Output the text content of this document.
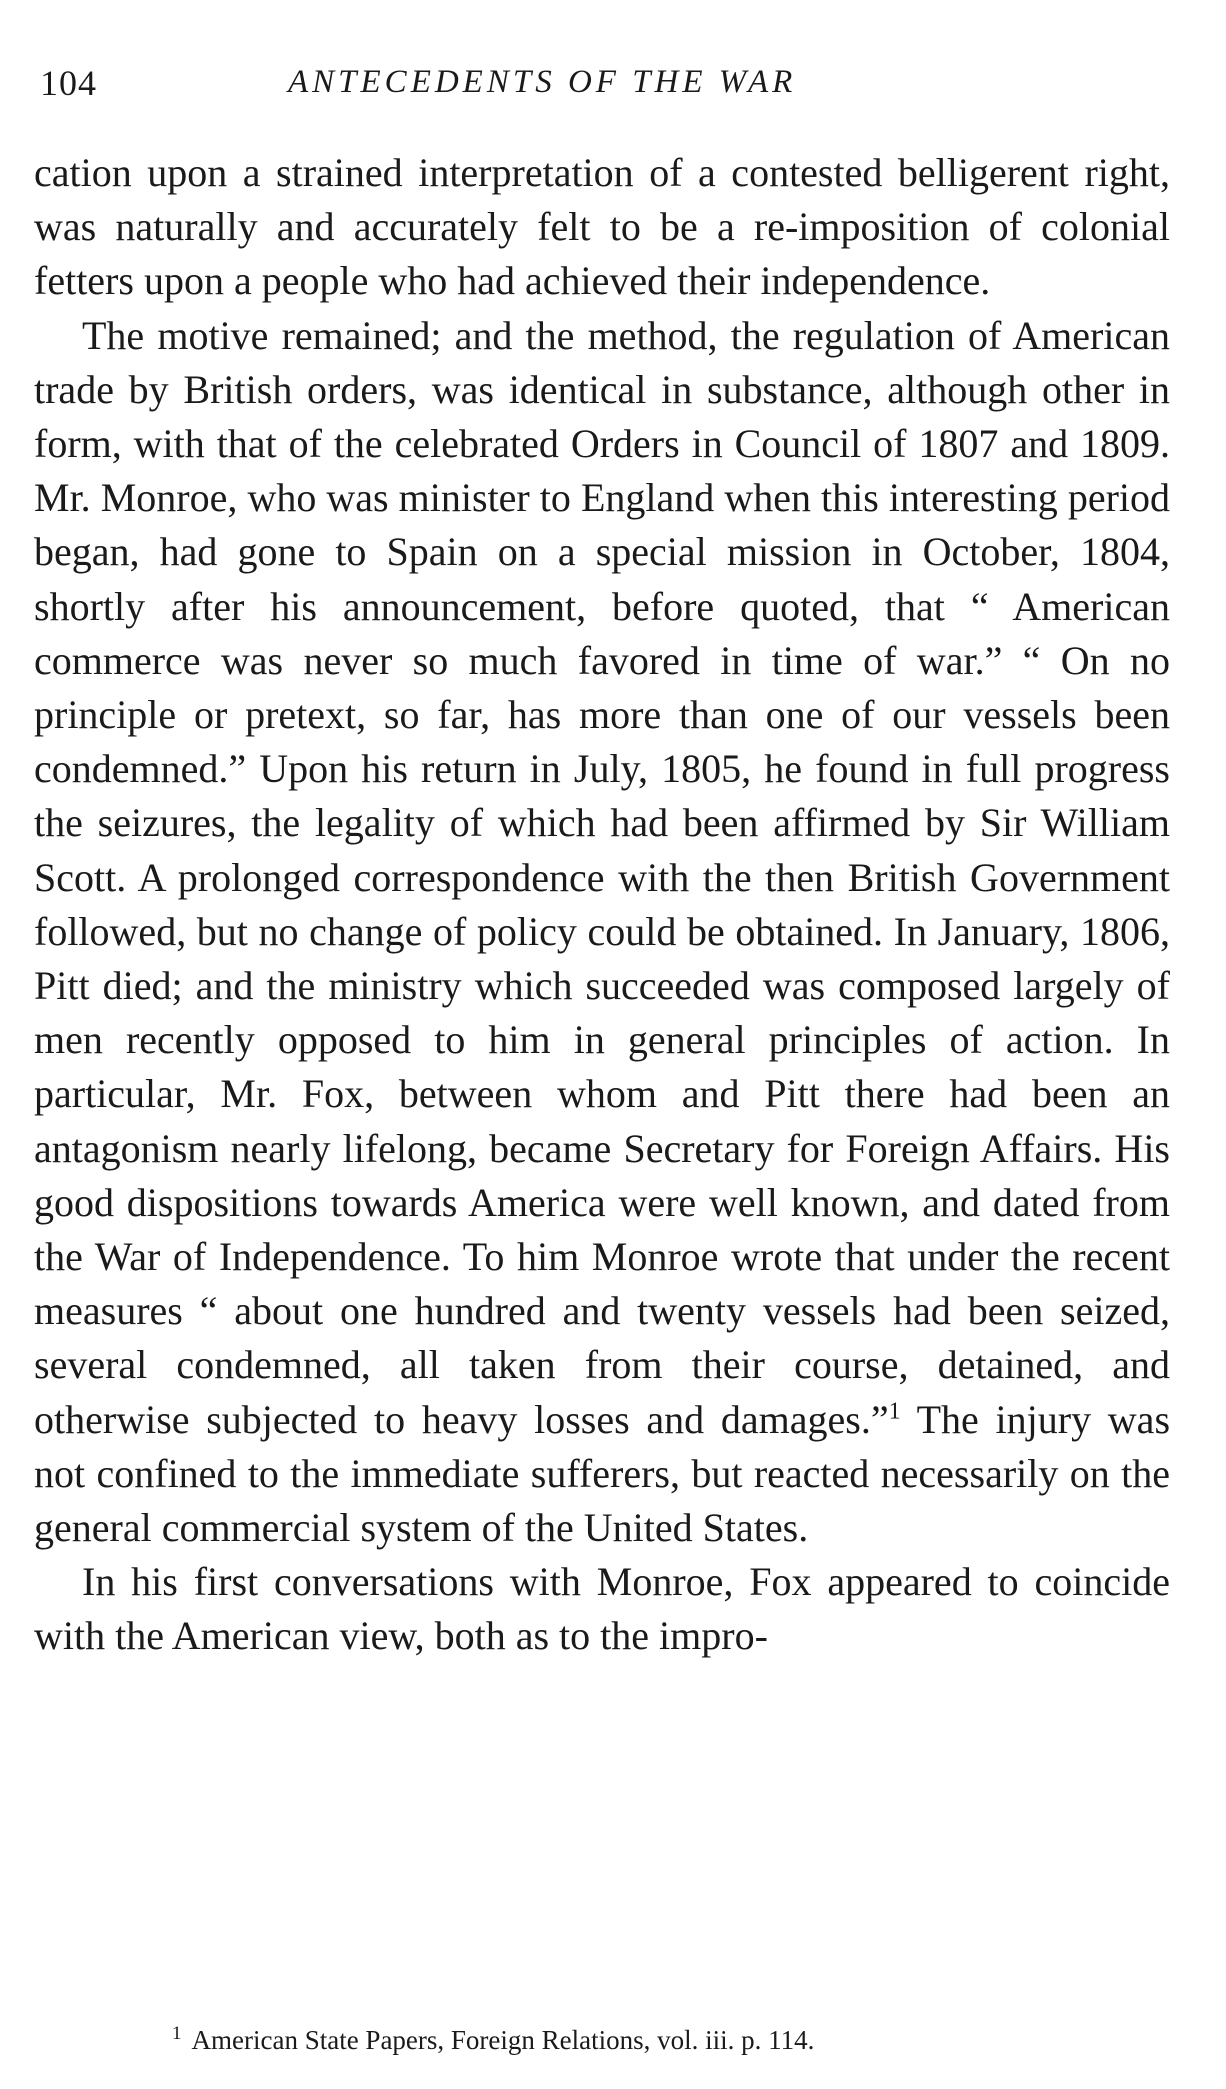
104	ANTECEDENTS OF THE WAR

cation upon a strained interpretation of a contested belligerent right, was naturally and accurately felt to be a re-imposition of colonial fetters upon a people who had achieved their independence.

The motive remained; and the method, the regulation of American trade by British orders, was identical in substance, although other in form, with that of the celebrated Orders in Council of 1807 and 1809. Mr. Monroe, who was minister to England when this interesting period began, had gone to Spain on a special mission in October, 1804, shortly after his announcement, before quoted, that “ American commerce was never so much favored in time of war.” “ On no principle or pretext, so far, has more than one of our vessels been condemned.” Upon his return in July, 1805, he found in full progress the seizures, the legality of which had been affirmed by Sir William Scott. A prolonged correspondence with the then British Government followed, but no change of policy could be obtained. In January, 1806, Pitt died; and the ministry which succeeded was composed largely of men recently opposed to him in general principles of action. In particular, Mr. Fox, between whom and Pitt there had been an antagonism nearly lifelong, became Secretary for Foreign Affairs. His good dispositions towards America were well known, and dated from the War of Independence. To him Monroe wrote that under the recent measures “ about one hundred and twenty vessels had been seized, several condemned, all taken from their course, detained, and otherwise subjected to heavy losses and damages.”$^1$ The injury was not confined to the immediate sufferers, but reacted necessarily on the general commercial system of the United States.

In his first conversations with Monroe, Fox appeared to coincide with the American view, both as to the impro-

$^1$ American State Papers, Foreign Relations, vol. iii. p. 114.
